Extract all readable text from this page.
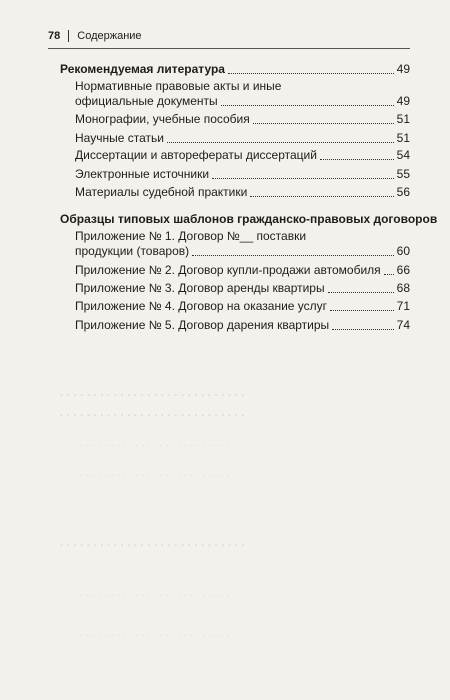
· · · · · · · · · · · · · · · · · · · · · · · · · · · ·
· · · · · · · · · · · · · · · · · · · · · · · · · · · ·
· · · · · · · · · · · · · · · · · · · · · · · · ·
· · · · · · · · · · · · · · · · · · · · · · · · ·
· · · · · · · · · · · · · · · · · · · · · · · · · · · ·
· · · · · · · · · · · · · · · · · · · · · · · · ·
· · · · · · · · · · · · · · · · · · · · · · · · ·
78 Содержание
Рекомендуемая литература	49
Нормативные правовые акты и иные
официальные документы	49
Монографии, учебные пособия	51
Научные статьи	51
Диссертации и авторефераты диссертаций	54
Электронные источники	55
Материалы судебной практики	56
Образцы типовых шаблонов гражданско-правовых договоров
Приложение № 1. Договор №__ поставки
продукции (товаров)	60
Приложение № 2. Договор купли-продажи автомобиля 66
Приложение № 3. Договор аренды квартиры	68
Приложение № 4. Договор на оказание услуг	71
Приложение № 5. Договор дарения квартиры	74
